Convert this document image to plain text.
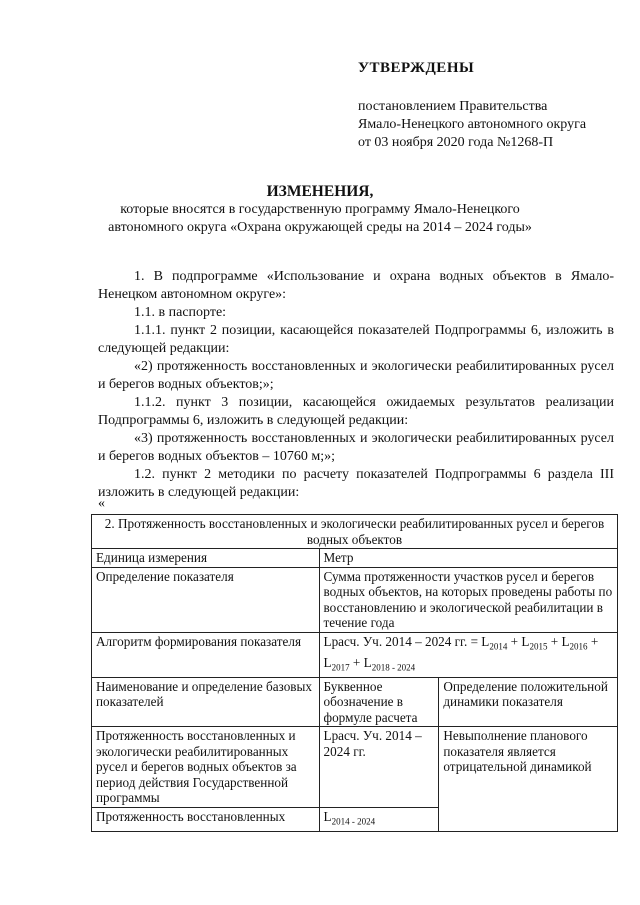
УТВЕРЖДЕНЫ
постановлением Правительства
Ямало-Ненецкого автономного округа
от 03 ноября 2020 года №1268-П
ИЗМЕНЕНИЯ,
которые вносятся в государственную программу Ямало-Ненецкого
автономного округа «Охрана окружающей среды на 2014 – 2024 годы»
1. В подпрограмме «Использование и охрана водных объектов в Ямало-Ненецком автономном округе»:
1.1. в паспорте:
1.1.1. пункт 2 позиции, касающейся показателей Подпрограммы 6, изложить в следующей редакции:
«2) протяженность восстановленных и экологически реабилитированных русел и берегов водных объектов;»;
1.1.2. пункт 3 позиции, касающейся ожидаемых результатов реализации Подпрограммы 6, изложить в следующей редакции:
«3) протяженность восстановленных и экологически реабилитированных русел и берегов водных объектов – 10760 м;»;
1.2. пункт 2 методики по расчету показателей Подпрограммы 6 раздела III изложить в следующей редакции:
«
2. Протяженность восстановленных и экологически реабилитированных русел и берегов водных объектов		
Единица измерения	Метр	
Определение показателя	Сумма протяженности участков русел и берегов водных объектов, на которых проведены работы по восстановлению и экологической реабилитации в течение года	
Алгоритм формирования показателя	Lрасч. Уч. 2014 – 2024 гг. = $L_{2014} + L_{2015} + L_{2016} + L_{2017} + L_{2018 - 2024}$
Наименование и определение базовых показателей	Буквенное обозначение в формуле расчета	Определение положительной динамики показателя
Протяженность восстановленных и экологически реабилитированных русел и берегов водных объектов за период действия Государственной программы	Lрасч. Уч. 2014 – 2024 гг.	Невыполнение планового показателя является отрицательной динамикой
Протяженность восстановленных	$L_{2014 - 2024}$
